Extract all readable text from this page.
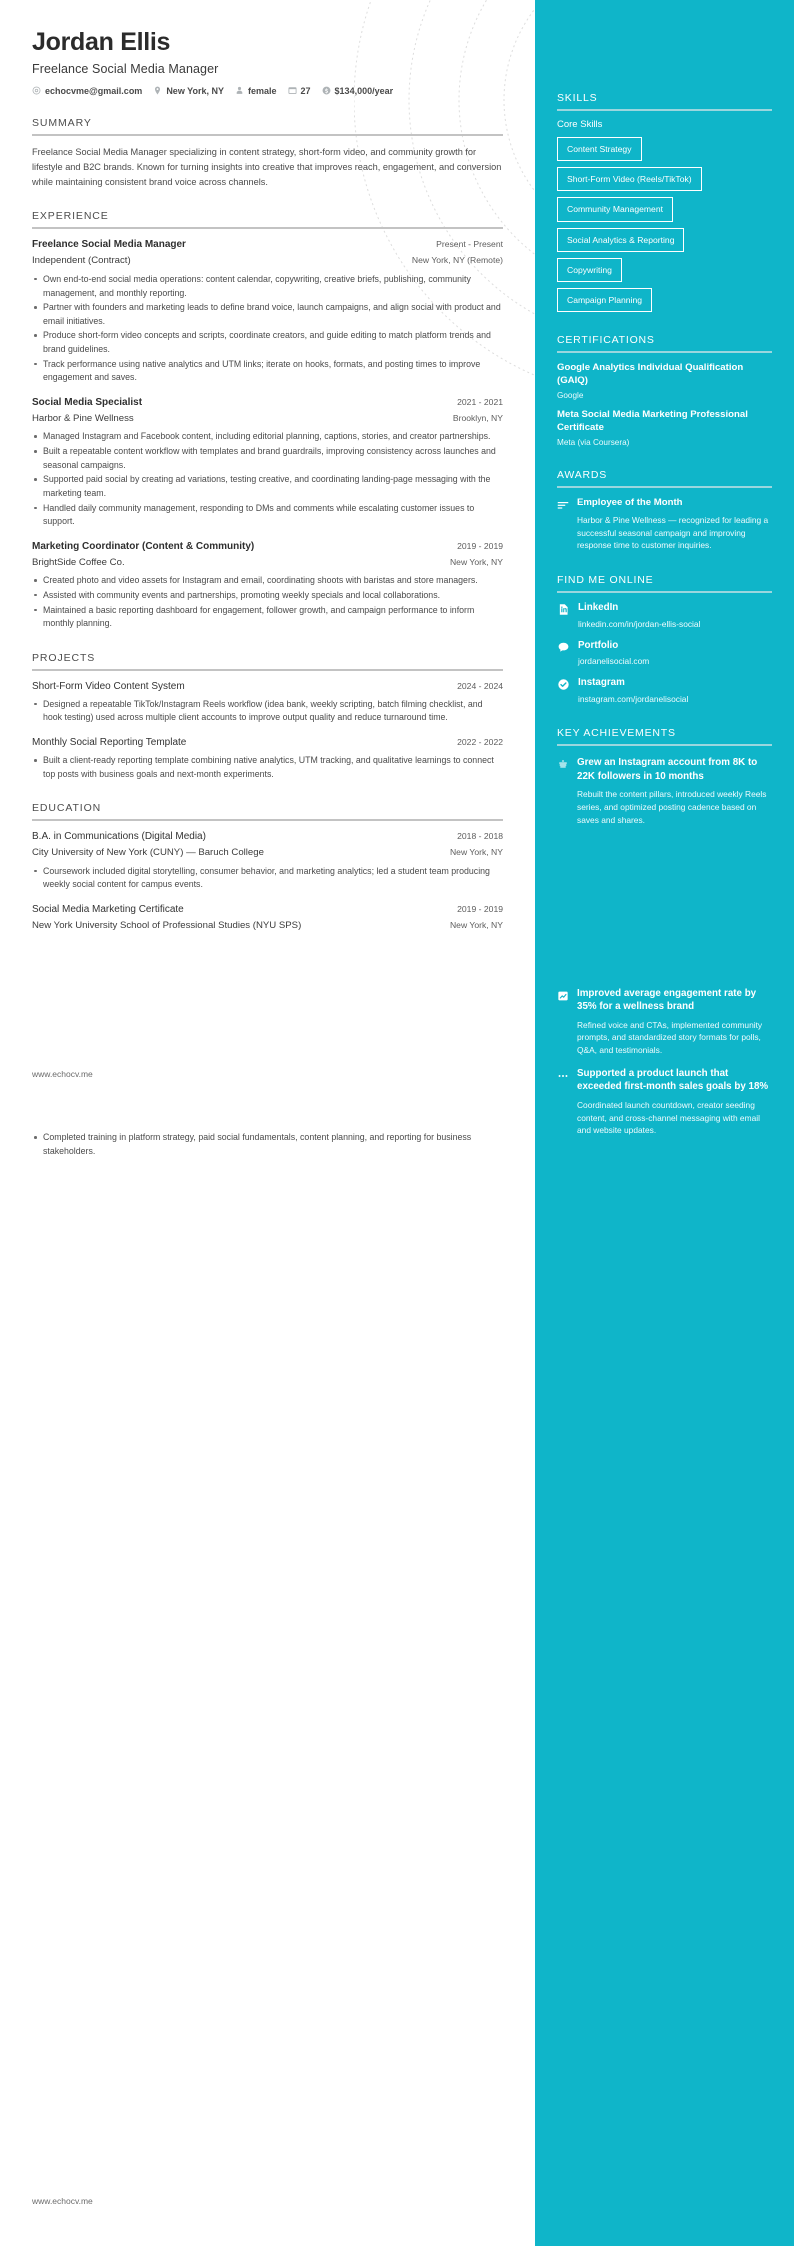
Jordan Ellis
Freelance Social Media Manager
echocvme@gmail.com	New York, NY	female	27	$134,000/year
SUMMARY
Freelance Social Media Manager specializing in content strategy, short-form video, and community growth for lifestyle and B2C brands. Known for turning insights into creative that improves reach, engagement, and conversion while maintaining consistent brand voice across channels.
EXPERIENCE
Freelance Social Media Manager	Present - Present
Independent (Contract)	New York, NY (Remote)
Own end-to-end social media operations: content calendar, copywriting, creative briefs, publishing, community management, and monthly reporting.
Partner with founders and marketing leads to define brand voice, launch campaigns, and align social with product and email initiatives.
Produce short-form video concepts and scripts, coordinate creators, and guide editing to match platform trends and brand guidelines.
Track performance using native analytics and UTM links; iterate on hooks, formats, and posting times to improve engagement and saves.
Social Media Specialist	2021 - 2021
Harbor & Pine Wellness	Brooklyn, NY
Managed Instagram and Facebook content, including editorial planning, captions, stories, and creator partnerships.
Built a repeatable content workflow with templates and brand guardrails, improving consistency across launches and seasonal campaigns.
Supported paid social by creating ad variations, testing creative, and coordinating landing-page messaging with the marketing team.
Handled daily community management, responding to DMs and comments while escalating customer issues to support.
Marketing Coordinator (Content & Community)	2019 - 2019
BrightSide Coffee Co.	New York, NY
Created photo and video assets for Instagram and email, coordinating shoots with baristas and store managers.
Assisted with community events and partnerships, promoting weekly specials and local collaborations.
Maintained a basic reporting dashboard for engagement, follower growth, and campaign performance to inform monthly planning.
PROJECTS
Short-Form Video Content System	2024 - 2024
Designed a repeatable TikTok/Instagram Reels workflow (idea bank, weekly scripting, batch filming checklist, and hook testing) used across multiple client accounts to improve output quality and reduce turnaround time.
Monthly Social Reporting Template	2022 - 2022
Built a client-ready reporting template combining native analytics, UTM tracking, and qualitative learnings to connect top posts with business goals and next-month experiments.
EDUCATION
B.A. in Communications (Digital Media)	2018 - 2018
City University of New York (CUNY) — Baruch College	New York, NY
Coursework included digital storytelling, consumer behavior, and marketing analytics; led a student team producing weekly social content for campus events.
Social Media Marketing Certificate	2019 - 2019
New York University School of Professional Studies (NYU SPS)	New York, NY
SKILLS
Core Skills
Content Strategy
Short-Form Video (Reels/TikTok)
Community Management
Social Analytics & Reporting
Copywriting
Campaign Planning
CERTIFICATIONS
Google Analytics Individual Qualification (GAIQ)
Google
Meta Social Media Marketing Professional Certificate
Meta (via Coursera)
AWARDS
Employee of the Month
Harbor & Pine Wellness — recognized for leading a successful seasonal campaign and improving response time to customer inquiries.
FIND ME ONLINE
LinkedIn
linkedin.com/in/jordan-ellis-social
Portfolio
jordanelisocial.com
Instagram
instagram.com/jordanelisocial
KEY ACHIEVEMENTS
Grew an Instagram account from 8K to 22K followers in 10 months
Rebuilt the content pillars, introduced weekly Reels series, and optimized posting cadence based on saves and shares.
Improved average engagement rate by 35% for a wellness brand
Refined voice and CTAs, implemented community prompts, and standardized story formats for polls, Q&A, and testimonials.
Supported a product launch that exceeded first-month sales goals by 18%
Coordinated launch countdown, creator seeding content, and cross-channel messaging with email and website updates.
www.echocv.me
Completed training in platform strategy, paid social fundamentals, content planning, and reporting for business stakeholders.
www.echocv.me
